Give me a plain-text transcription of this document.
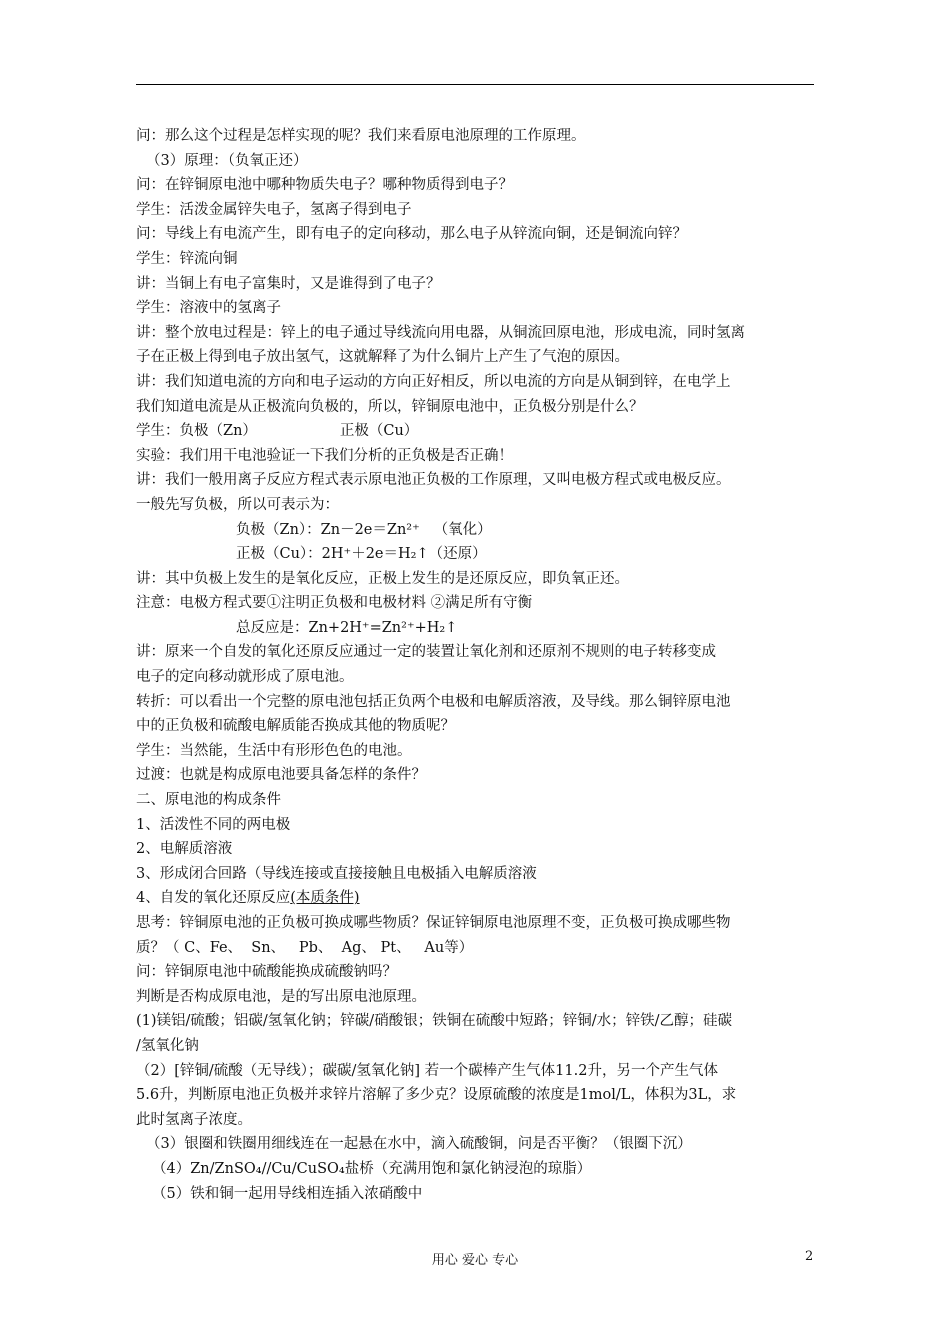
问：那么这个过程是怎样实现的呢？我们来看原电池原理的工作原理。
（3）原理：（负氧正还）
问：在锌铜原电池中哪种物质失电子？哪种物质得到电子？
学生：活泼金属锌失电子，氢离子得到电子
问：导线上有电流产生，即有电子的定向移动，那么电子从锌流向铜，还是铜流向锌？
学生：锌流向铜
讲：当铜上有电子富集时，又是谁得到了电子？
学生：溶液中的氢离子
讲：整个放电过程是：锌上的电子通过导线流向用电器，从铜流回原电池，形成电流，同时氢离
子在正极上得到电子放出氢气，这就解释了为什么铜片上产生了气泡的原因。
讲：我们知道电流的方向和电子运动的方向正好相反，所以电流的方向是从铜到锌，在电学上
我们知道电流是从正极流向负极的，所以，锌铜原电池中，正负极分别是什么？
学生：负极（Zn）                  正极（Cu）
实验：我们用干电池验证一下我们分析的正负极是否正确！
讲：我们一般用离子反应方程式表示原电池正负极的工作原理，又叫电极方程式或电极反应。
一般先写负极，所以可表示为：
负极（Zn）：Zn－2e＝Zn²⁺   （氧化）
正极（Cu）：2H⁺＋2e＝H₂↑（还原）
讲：其中负极上发生的是氧化反应，正极上发生的是还原反应，即负氧正还。
注意：电极方程式要①注明正负极和电极材料 ②满足所有守衡
总反应是：Zn+2H⁺=Zn²⁺+H₂↑
讲：原来一个自发的氧化还原反应通过一定的装置让氧化剂和还原剂不规则的电子转移变成
电子的定向移动就形成了原电池。
转折：可以看出一个完整的原电池包括正负两个电极和电解质溶液，及导线。那么铜锌原电池
中的正负极和硫酸电解质能否换成其他的物质呢？
学生：当然能，生活中有形形色色的电池。
过渡：也就是构成原电池要具备怎样的条件？
二、原电池的构成条件
1、活泼性不同的两电极
2、电解质溶液
3、形成闭合回路（导线连接或直接接触且电极插入电解质溶液
4、自发的氧化还原反应(本质条件)
思考：锌铜原电池的正负极可换成哪些物质？保证锌铜原电池原理不变，正负极可换成哪些物
质？（ C、Fe、  Sn、   Pb、  Ag、 Pt、   Au等）
问：锌铜原电池中硫酸能换成硫酸钠吗？
判断是否构成原电池，是的写出原电池原理。
(1)镁铝/硫酸；铝碳/氢氧化钠；锌碳/硝酸银；铁铜在硫酸中短路；锌铜/水；锌铁/乙醇；硅碳
/氢氧化钠
（2）[锌铜/硫酸（无导线）；碳碳/氢氧化钠] 若一个碳棒产生气体11.2升，另一个产生气体
5.6升，判断原电池正负极并求锌片溶解了多少克？设原硫酸的浓度是1mol/L，体积为3L，求
此时氢离子浓度。
（3）银圈和铁圈用细线连在一起悬在水中，滴入硫酸铜，问是否平衡？（银圈下沉）
（4）Zn/ZnSO₄//Cu/CuSO₄盐桥（充满用饱和氯化钠浸泡的琼脂）
（5）铁和铜一起用导线相连插入浓硝酸中
用心 爱心 专心	2
